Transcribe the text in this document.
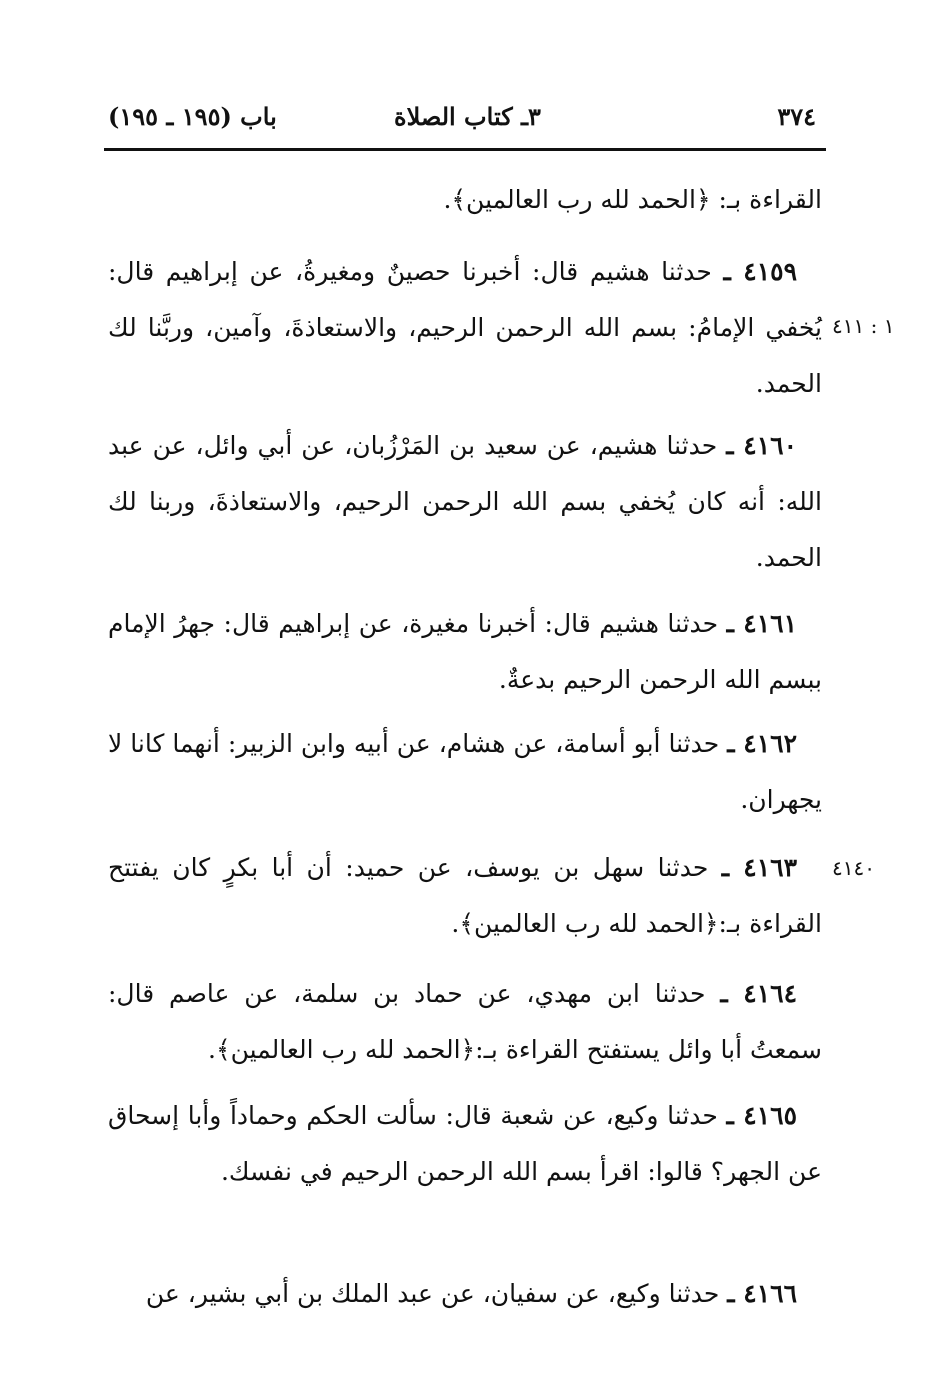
٣٧٤
٣ـ كتاب الصلاة
باب (١٩٥ ـ ١٩٥)

القراءة بـ: ﴿الحمد لله رب العالمين﴾.

  ٤١٥٩ ـ حدثنا هشيم قال: أخبرنا حصينٌ ومغيرةُ، عن إبراهيم قال: يُخفي الإمامُ: بسم الله الرحمن الرحيم، والاستعاذةَ، وآمين، وربَّنا لك الحمد.

  ٤١٦٠ ـ حدثنا هشيم، عن سعيد بن المَرْزُبان، عن أبي وائل، عن عبد الله: أنه كان يُخفي بسم الله الرحمن الرحيم، والاستعاذةَ، وربنا لك الحمد.

  ٤١٦١ ـ حدثنا هشيم قال: أخبرنا مغيرة، عن إبراهيم قال: جهرُ الإمام ببسم الله الرحمن الرحيم بدعةٌ.

  ٤١٦٢ ـ حدثنا أبو أسامة، عن هشام، عن أبيه وابن الزبير: أنهما كانا لا يجهران.

  ٤١٦٣ ـ حدثنا سهل بن يوسف، عن حميد: أن أبا بكرٍ كان يفتتح القراءة بـ:﴿الحمد لله رب العالمين﴾.

  ٤١٦٤ ـ حدثنا ابن مهدي، عن حماد بن سلمة، عن عاصم قال: سمعتُ أبا وائل يستفتح القراءة بـ:﴿الحمد لله رب العالمين﴾.

  ٤١٦٥ ـ حدثنا وكيع، عن شعبة قال: سألت الحكم وحماداً وأبا إسحاق عن الجهر؟ قالوا: اقرأ بسم الله الرحمن الرحيم في نفسك.

  ٤١٦٦ ـ حدثنا وكيع، عن سفيان، عن عبد الملك بن أبي بشير، عن

١ : ٤١١
٤١٤٠
